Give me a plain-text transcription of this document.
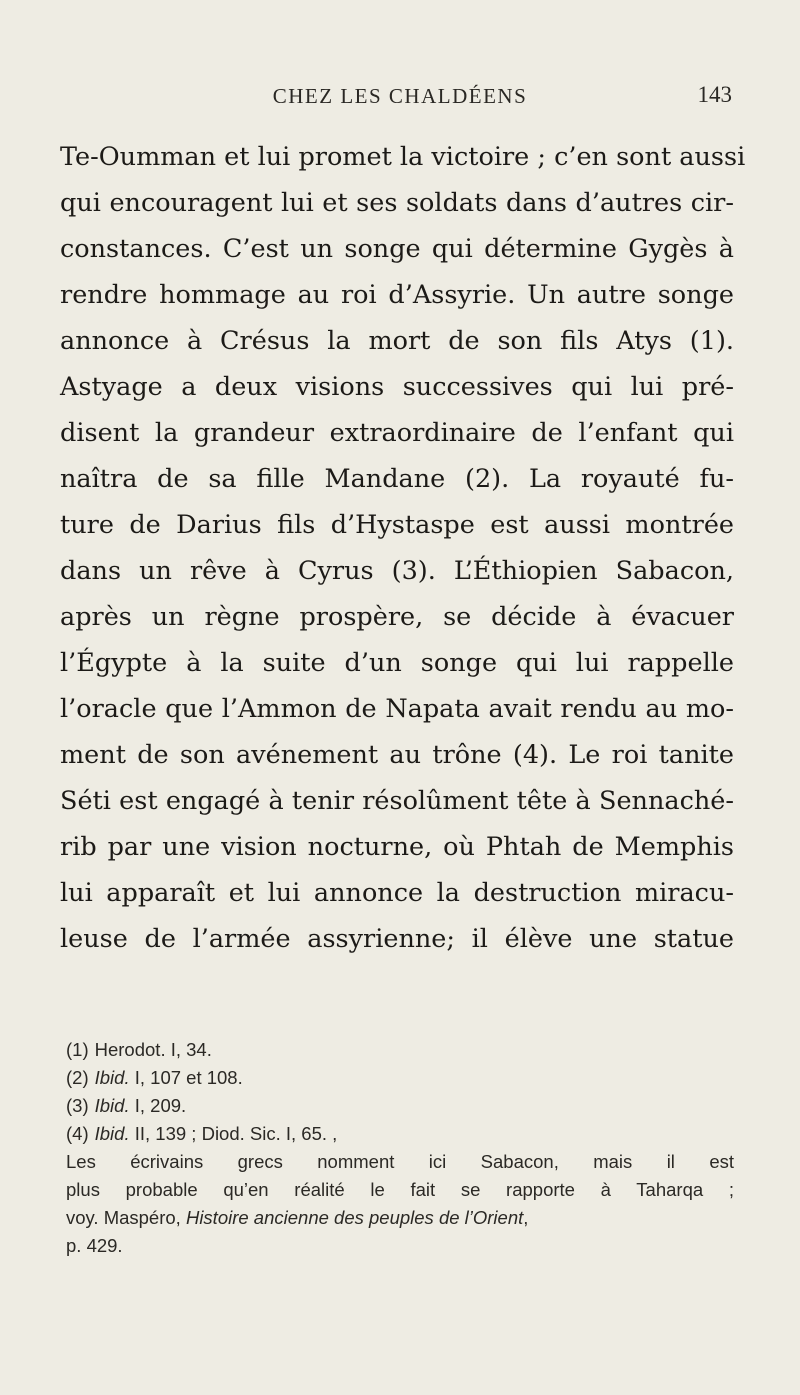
CHEZ LES CHALDÉENS	143
Te-Oumman et lui promet la victoire ; c’en sont aussi
qui encouragent lui et ses soldats dans d’autres cir-
constances. C’est un songe qui détermine Gygès à
rendre hommage au roi d’Assyrie. Un autre songe
annonce à Crésus la mort de son fils Atys (1).
Astyage a deux visions successives qui lui pré-
disent la grandeur extraordinaire de l’enfant qui
naîtra de sa fille Mandane (2). La royauté fu-
ture de Darius fils d’Hystaspe est aussi montrée
dans un rêve à Cyrus (3). L’Éthiopien Sabacon,
après un règne prospère, se décide à évacuer
l’Égypte à la suite d’un songe qui lui rappelle
l’oracle que l’Ammon de Napata avait rendu au mo-
ment de son avénement au trône (4). Le roi tanite
Séti est engagé à tenir résolûment tête à Sennaché-
rib par une vision nocturne, où Phtah de Memphis
lui apparaît et lui annonce la destruction miracu-
leuse de l’armée assyrienne; il élève une statue
(1) Herodot. I, 34.
(2) Ibid. I, 107 et 108.
(3) Ibid. I, 209.
(4) Ibid. II, 139 ; Diod. Sic. I, 65. ,
Les écrivains grecs nomment ici Sabacon, mais il est
plus probable qu’en réalité le fait se rapporte à Taharqa ;
voy. Maspéro, Histoire ancienne des peuples de l’Orient,
p. 429.
